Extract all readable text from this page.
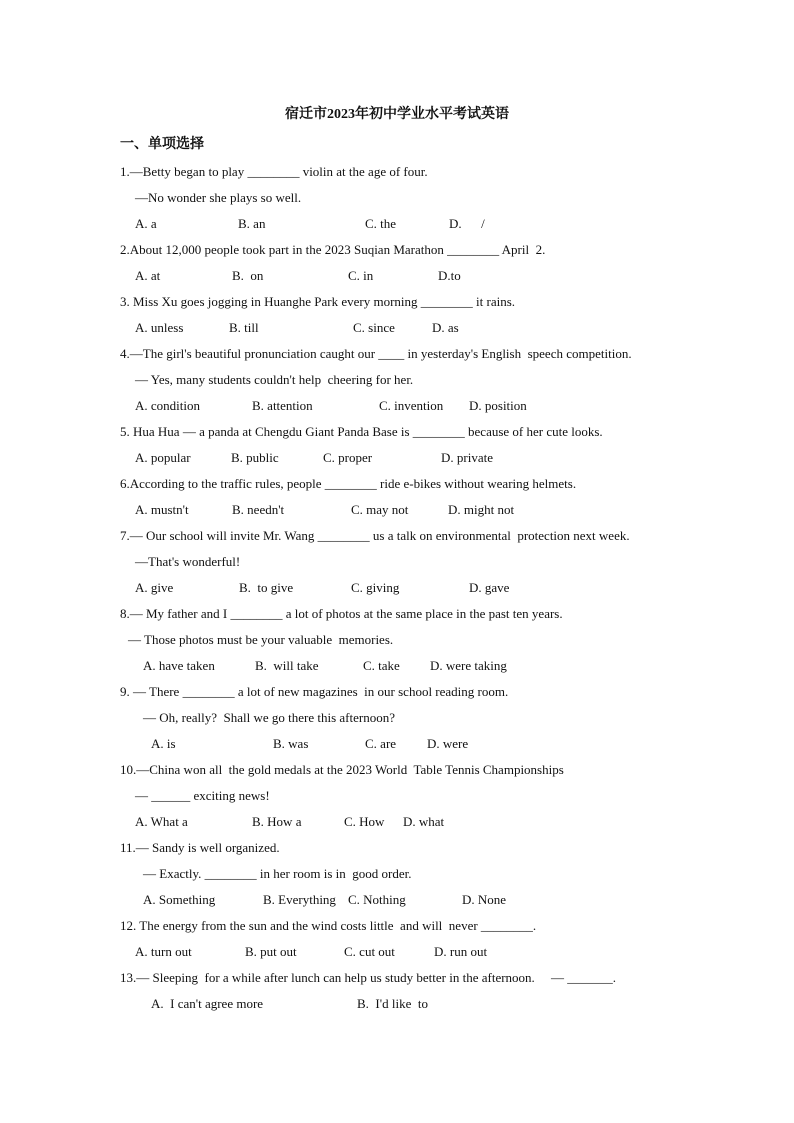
宿迁市2023年初中学业水平考试英语
一、单项选择
1.—Betty began to play ________ violin at the age of four.
—No wonder she plays so well.
A. a	B. an	C. the	D.      /
2.About 12,000 people took part in the 2023 Suqian Marathon ________ April  2.
A. at	B.  on	C. in	D.to
3. Miss Xu goes jogging in Huanghe Park every morning ________ it rains.
A. unless	B. till	C. since	D. as
4.—The girl's beautiful pronunciation caught our ____ in yesterday's English  speech competition.
— Yes, many students couldn't help  cheering for her.
A. condition	B. attention	C. invention D. position
5. Hua Hua — a panda at Chengdu Giant Panda Base is ________ because of her cute looks.
A. popular	B. public	C. proper	D. private
6.According to the traffic rules, people ________ ride e-bikes without wearing helmets.
A. mustn't	B. needn't	C. may not	D. might not
7.— Our school will invite Mr. Wang ________ us a talk on environmental  protection next week.
—That's wonderful!
A. give	B.  to give	C. giving	D. gave
8.— My father and I ________ a lot of photos at the same place in the past ten years.
— Those photos must be your valuable  memories.
A. have taken	B.  will take	C. take D. were taking
9. — There ________ a lot of new magazines  in our school reading room.
— Oh, really?  Shall we go there this afternoon?
A. is	B. was	C. are D. were
10.—China won all  the gold medals at the 2023 World  Table Tennis Championships
— ______ exciting news!
A. What a	B. How a	C. How D. what
11.— Sandy is well organized.
— Exactly. ________ in her room is in  good order.
A. Something	B. Everything C. Nothing	D. None
12. The energy from the sun and the wind costs little  and will  never ________.
A. turn out	B. put out	C. cut out	D. run out
13.— Sleeping  for a while after lunch can help us study better in the afternoon.     — _______.
A.  I can't agree more	B.  I'd like  to
